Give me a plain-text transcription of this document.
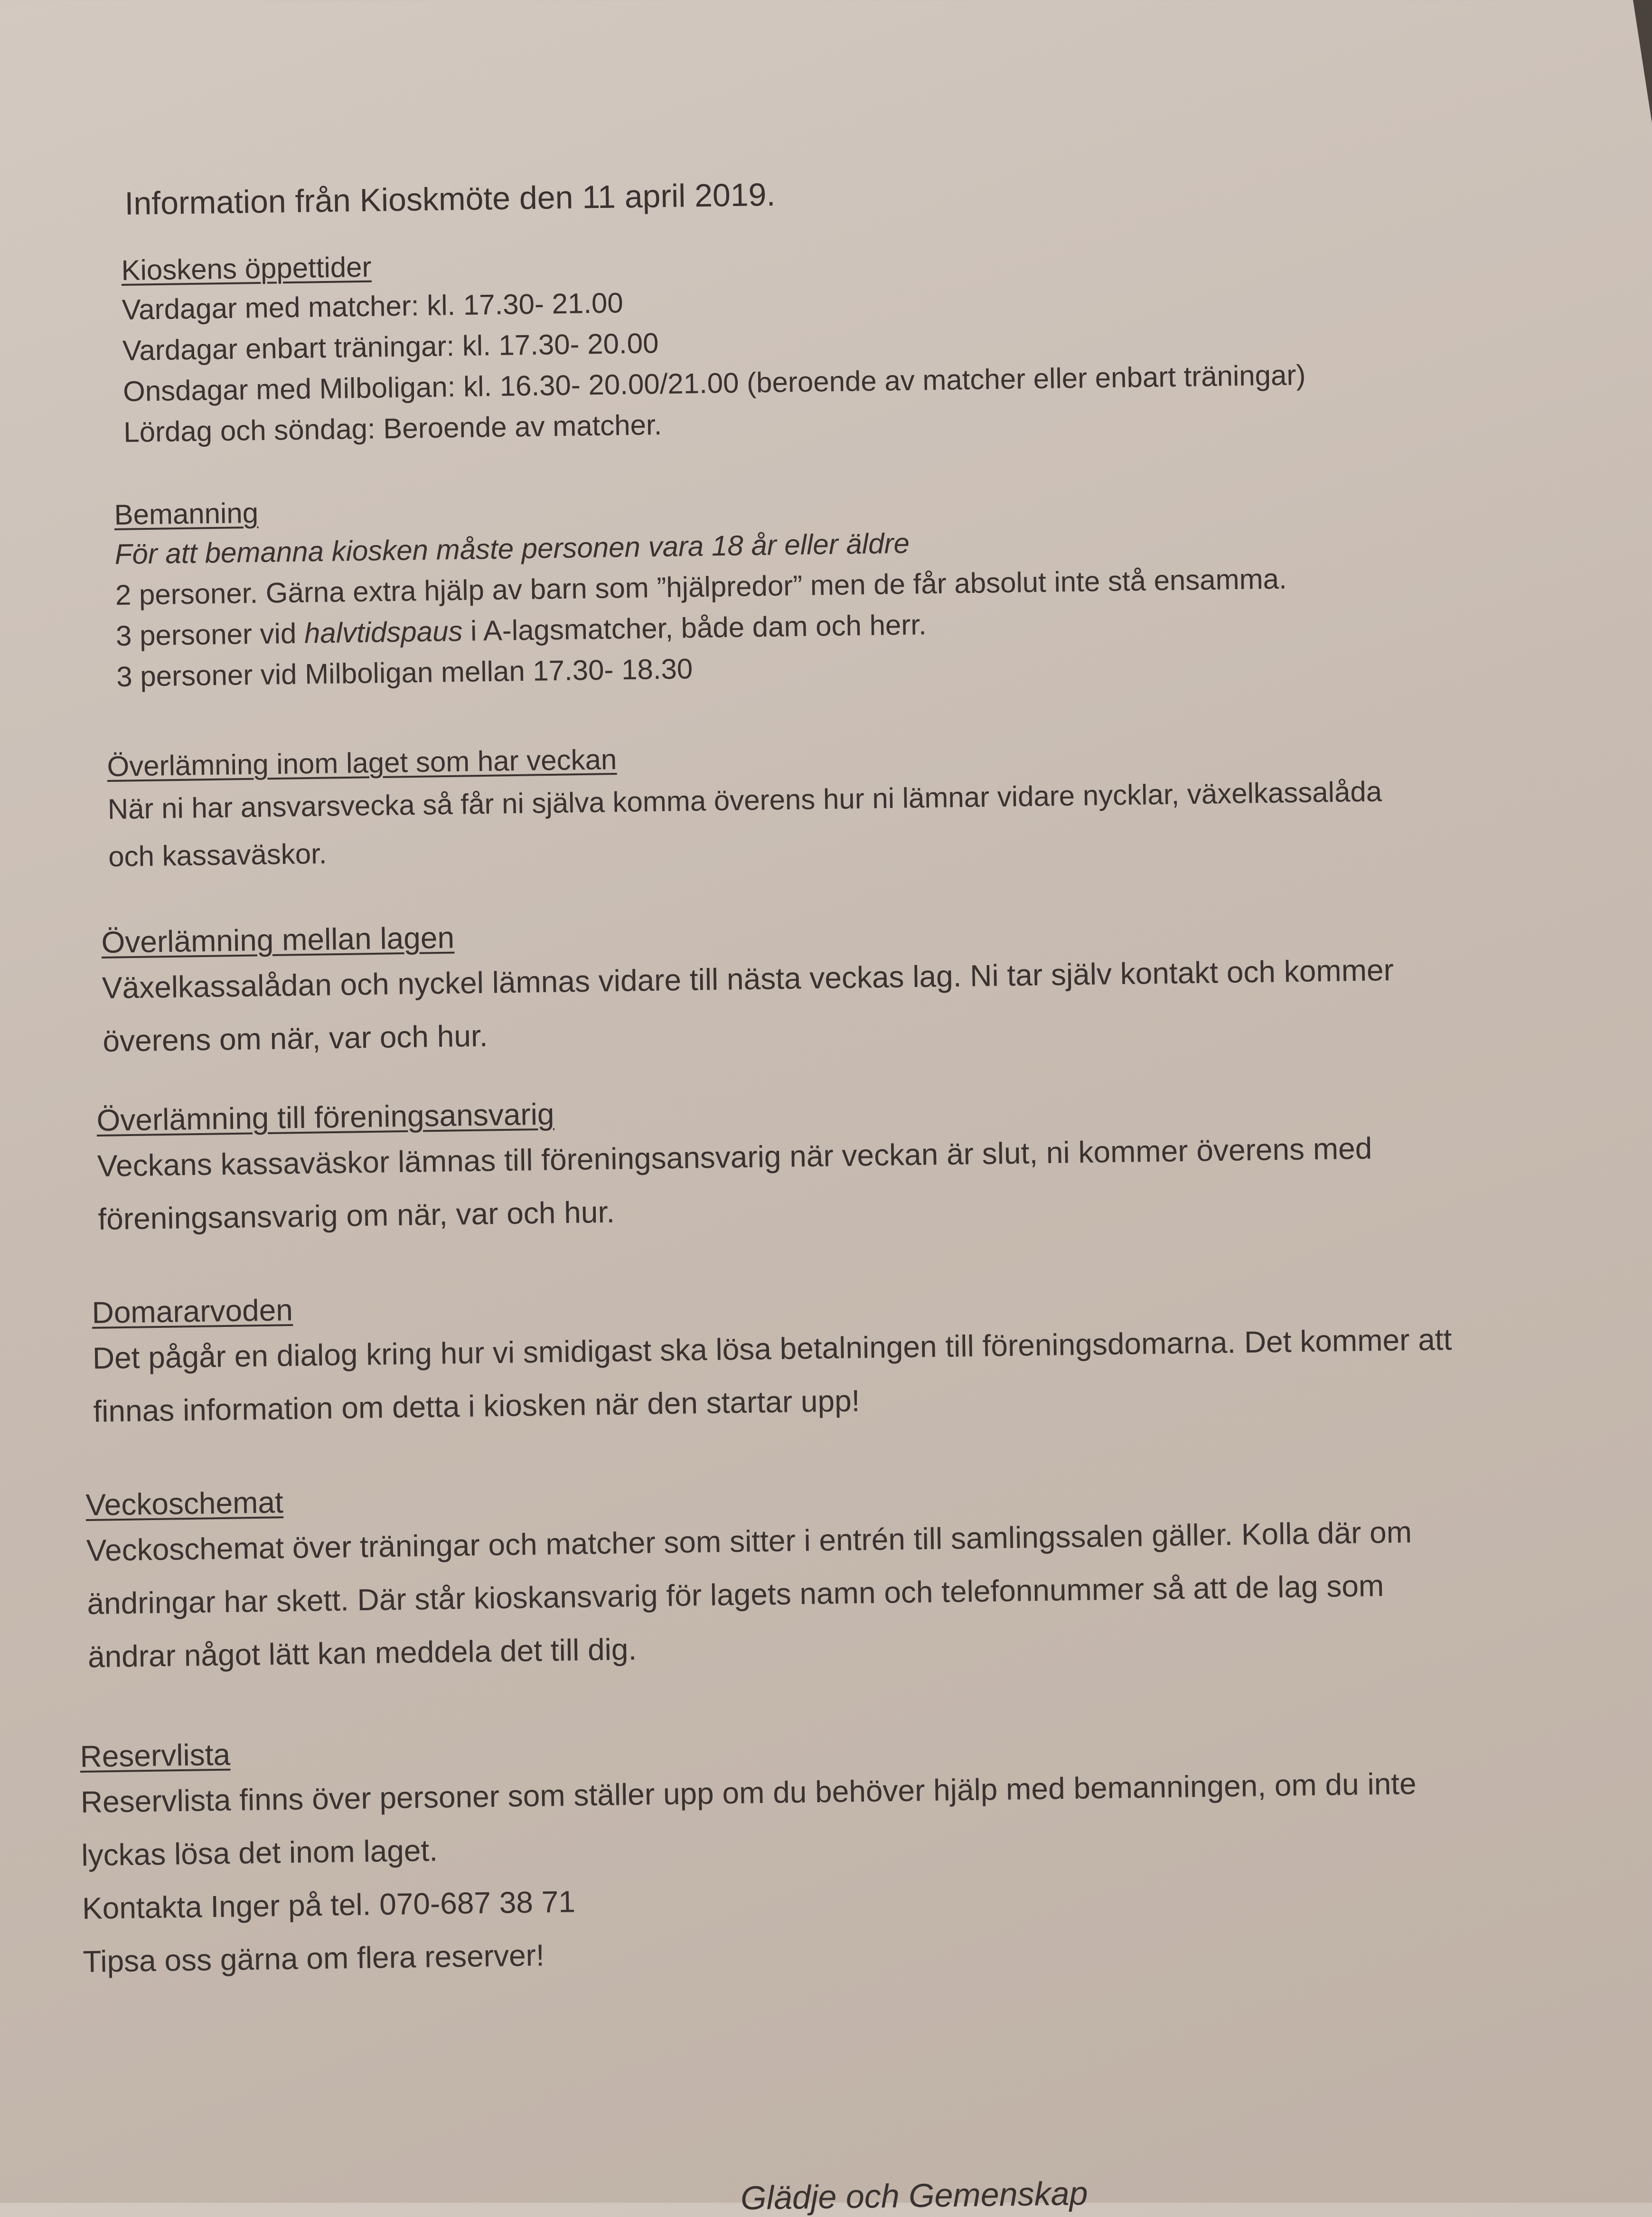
Information från Kioskmöte den 11 april 2019.
Kioskens öppettider
Vardagar med matcher: kl. 17.30- 21.00
Vardagar enbart träningar: kl. 17.30- 20.00
Onsdagar med Milboligan: kl. 16.30- 20.00/21.00 (beroende av matcher eller enbart träningar)
Lördag och söndag: Beroende av matcher.
Bemanning
För att bemanna kiosken måste personen vara 18 år eller äldre
2 personer. Gärna extra hjälp av barn som ”hjälpredor” men de får absolut inte stå ensamma.
3 personer vid halvtidspaus i A-lagsmatcher, både dam och herr.
3 personer vid Milboligan mellan 17.30- 18.30
Överlämning inom laget som har veckan
När ni har ansvarsvecka så får ni själva komma överens hur ni lämnar vidare nycklar, växelkassalåda
och kassaväskor.
Överlämning mellan lagen
Växelkassalådan och nyckel lämnas vidare till nästa veckas lag. Ni tar själv kontakt och kommer
överens om när, var och hur.
Överlämning till föreningsansvarig
Veckans kassaväskor lämnas till föreningsansvarig när veckan är slut, ni kommer överens med
föreningsansvarig om när, var och hur.
Domararvoden
Det pågår en dialog kring hur vi smidigast ska lösa betalningen till föreningsdomarna. Det kommer att
finnas information om detta i kiosken när den startar upp!
Veckoschemat
Veckoschemat över träningar och matcher som sitter i entrén till samlingssalen gäller. Kolla där om
ändringar har skett. Där står kioskansvarig för lagets namn och telefonnummer så att de lag som
ändrar något lätt kan meddela det till dig.
Reservlista
Reservlista finns över personer som ställer upp om du behöver hjälp med bemanningen, om du inte
lyckas lösa det inom laget.
Kontakta Inger på tel. 070-687 38 71
Tipsa oss gärna om flera reserver!
Glädje och Gemenskap
